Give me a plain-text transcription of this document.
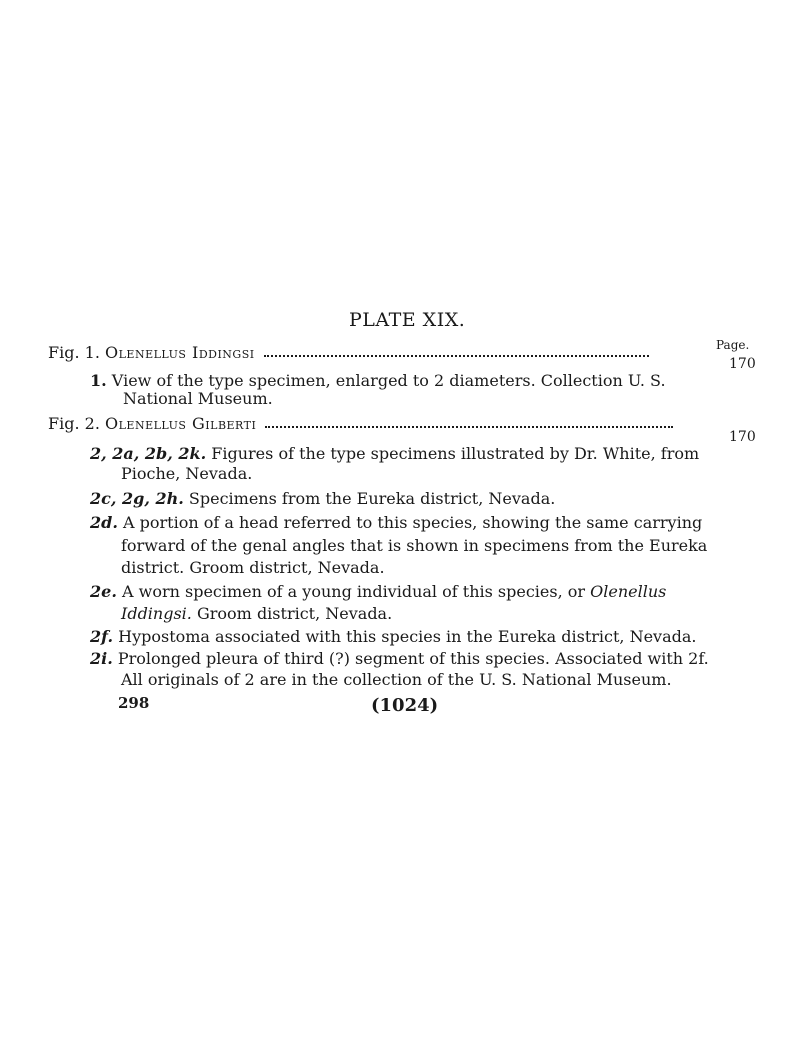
PLATE XIX.
Page.
Fig. 1. Olenellus Iddingsi
170
1. View of the type specimen, enlarged to 2 diameters. Collection U. S.
National Museum.
Fig. 2. Olenellus Gilberti
170
2, 2a, 2b, 2k. Figures of the type specimens illustrated by Dr. White, from
Pioche, Nevada.
2c, 2g, 2h. Specimens from the Eureka district, Nevada.
2d. A portion of a head referred to this species, showing the same carrying
forward of the genal angles that is shown in specimens from the Eureka
district. Groom district, Nevada.
2e. A worn specimen of a young individual of this species, or Olenellus
Iddingsi. Groom district, Nevada.
2f. Hypostoma associated with this species in the Eureka district, Nevada.
2i. Prolonged pleura of third (?) segment of this species. Associated with 2f.
All originals of 2 are in the collection of the U. S. National Museum.
298	(1024)
